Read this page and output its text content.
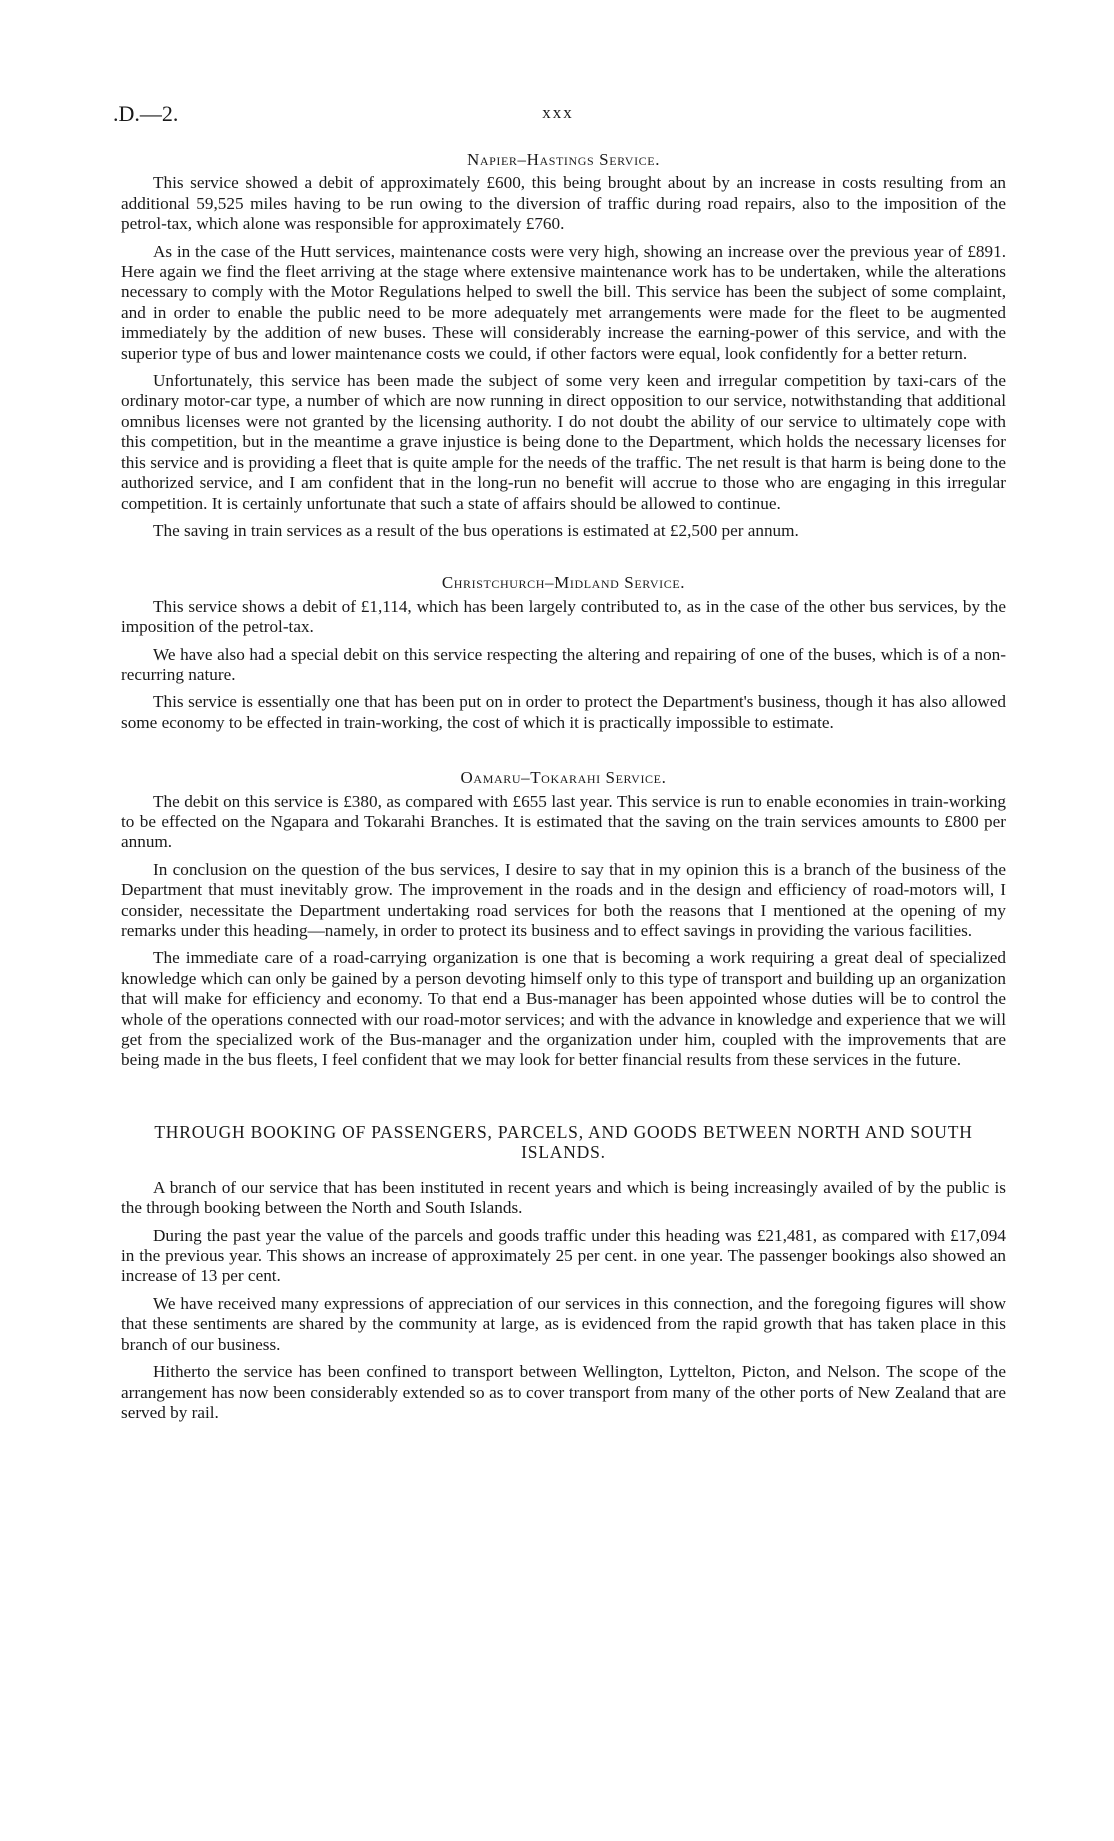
.D.—2.	xxx
Napier–Hastings Service.

This service showed a debit of approximately £600, this being brought about by an increase in costs resulting from an additional 59,525 miles having to be run owing to the diversion of traffic during road repairs, also to the imposition of the petrol-tax, which alone was responsible for approximately £760.

As in the case of the Hutt services, maintenance costs were very high, showing an increase over the previous year of £891. Here again we find the fleet arriving at the stage where extensive maintenance work has to be undertaken, while the alterations necessary to comply with the Motor Regulations helped to swell the bill. This service has been the subject of some complaint, and in order to enable the public need to be more adequately met arrangements were made for the fleet to be augmented immediately by the addition of new buses. These will considerably increase the earning-power of this service, and with the superior type of bus and lower maintenance costs we could, if other factors were equal, look confidently for a better return.

Unfortunately, this service has been made the subject of some very keen and irregular competition by taxi-cars of the ordinary motor-car type, a number of which are now running in direct opposition to our service, notwithstanding that additional omnibus licenses were not granted by the licensing authority. I do not doubt the ability of our service to ultimately cope with this competition, but in the meantime a grave injustice is being done to the Department, which holds the necessary licenses for this service and is providing a fleet that is quite ample for the needs of the traffic. The net result is that harm is being done to the authorized service, and I am confident that in the long-run no benefit will accrue to those who are engaging in this irregular competition. It is certainly unfortunate that such a state of affairs should be allowed to continue.

The saving in train services as a result of the bus operations is estimated at £2,500 per annum.

Christchurch–Midland Service.

This service shows a debit of £1,114, which has been largely contributed to, as in the case of the other bus services, by the imposition of the petrol-tax.

We have also had a special debit on this service respecting the altering and repairing of one of the buses, which is of a non-recurring nature.

This service is essentially one that has been put on in order to protect the Department's business, though it has also allowed some economy to be effected in train-working, the cost of which it is practically impossible to estimate.

Oamaru–Tokarahi Service.

The debit on this service is £380, as compared with £655 last year. This service is run to enable economies in train-working to be effected on the Ngapara and Tokarahi Branches. It is estimated that the saving on the train services amounts to £800 per annum.

In conclusion on the question of the bus services, I desire to say that in my opinion this is a branch of the business of the Department that must inevitably grow. The improvement in the roads and in the design and efficiency of road-motors will, I consider, necessitate the Department undertaking road services for both the reasons that I mentioned at the opening of my remarks under this heading—namely, in order to protect its business and to effect savings in providing the various facilities.

The immediate care of a road-carrying organization is one that is becoming a work requiring a great deal of specialized knowledge which can only be gained by a person devoting himself only to this type of transport and building up an organization that will make for efficiency and economy. To that end a Bus-manager has been appointed whose duties will be to control the whole of the operations connected with our road-motor services; and with the advance in knowledge and experience that we will get from the specialized work of the Bus-manager and the organization under him, coupled with the improvements that are being made in the bus fleets, I feel confident that we may look for better financial results from these services in the future.

THROUGH BOOKING OF PASSENGERS, PARCELS, AND GOODS BETWEEN NORTH AND SOUTH ISLANDS.

A branch of our service that has been instituted in recent years and which is being increasingly availed of by the public is the through booking between the North and South Islands.

During the past year the value of the parcels and goods traffic under this heading was £21,481, as compared with £17,094 in the previous year. This shows an increase of approximately 25 per cent. in one year. The passenger bookings also showed an increase of 13 per cent.

We have received many expressions of appreciation of our services in this connection, and the foregoing figures will show that these sentiments are shared by the community at large, as is evidenced from the rapid growth that has taken place in this branch of our business.

Hitherto the service has been confined to transport between Wellington, Lyttelton, Picton, and Nelson. The scope of the arrangement has now been considerably extended so as to cover transport from many of the other ports of New Zealand that are served by rail.
